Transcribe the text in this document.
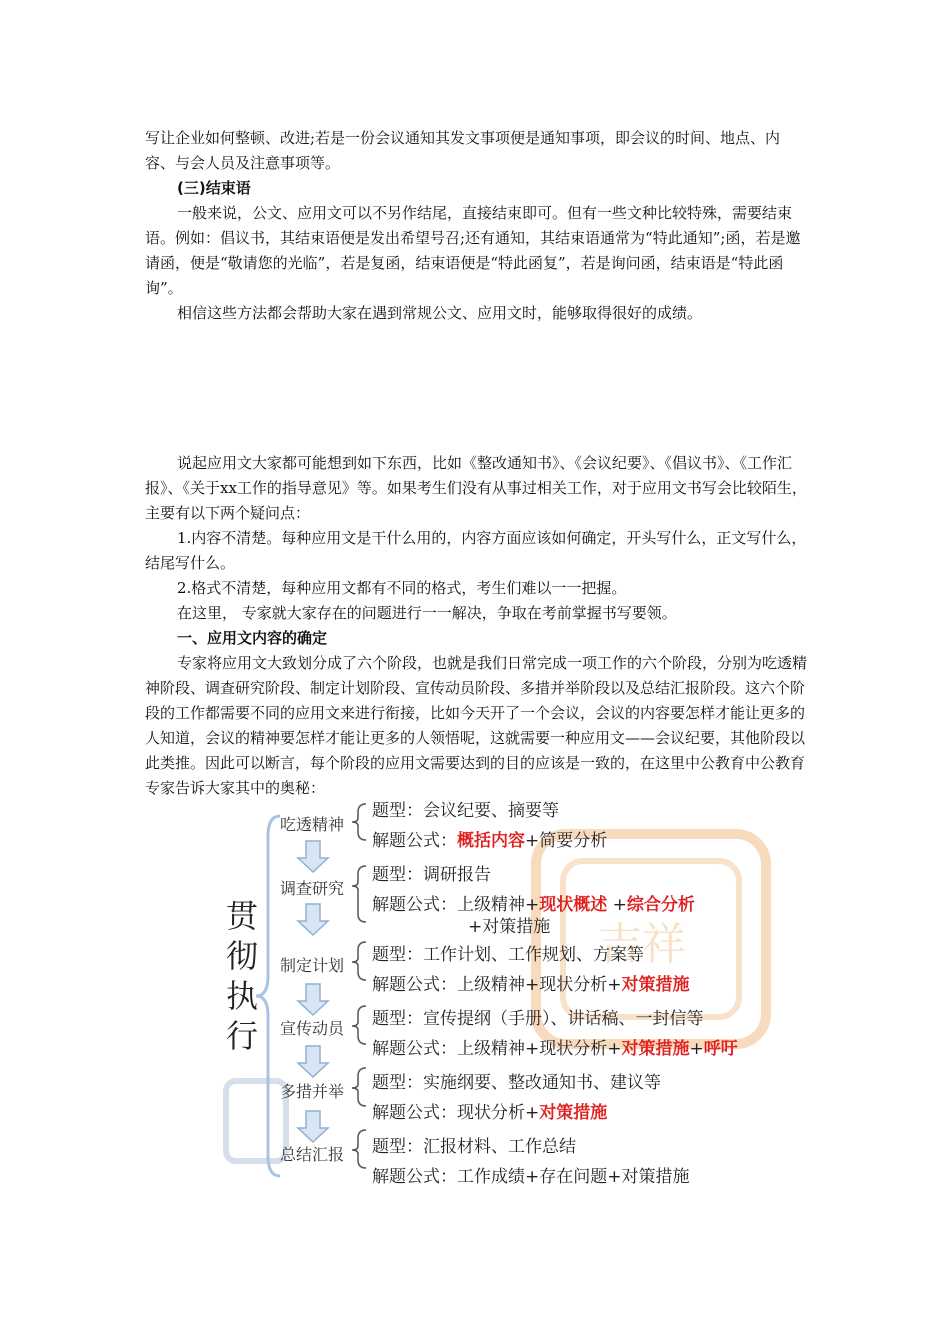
写让企业如何整顿、改进;若是一份会议通知其发文事项便是通知事项，即会议的时间、地点、内容、与会人员及注意事项等。
(三)结束语
一般来说，公文、应用文可以不另作结尾，直接结束即可。但有一些文种比较特殊，需要结束语。例如：倡议书，其结束语便是发出希望号召;还有通知，其结束语通常为“特此通知”;函，若是邀请函，便是“敬请您的光临”，若是复函，结束语便是“特此函复”，若是询问函，结束语是“特此函询”。
相信这些方法都会帮助大家在遇到常规公文、应用文时，能够取得很好的成绩。
说起应用文大家都可能想到如下东西，比如《整改通知书》、《会议纪要》、《倡议书》、《工作汇报》、《关于xx工作的指导意见》等。如果考生们没有从事过相关工作，对于应用文书写会比较陌生，主要有以下两个疑问点：
1.内容不清楚。每种应用文是干什么用的，内容方面应该如何确定，开头写什么，正文写什么，结尾写什么。
2.格式不清楚，每种应用文都有不同的格式，考生们难以一一把握。
在这里， 专家就大家存在的问题进行一一解决，争取在考前掌握书写要领。
一、应用文内容的确定
专家将应用文大致划分成了六个阶段，也就是我们日常完成一项工作的六个阶段，分别为吃透精神阶段、调查研究阶段、制定计划阶段、宣传动员阶段、多措并举阶段以及总结汇报阶段。这六个阶段的工作都需要不同的应用文来进行衔接，比如今天开了一个会议，会议的内容要怎样才能让更多的人知道，会议的精神要怎样才能让更多的人领悟呢，这就需要一种应用文——会议纪要，其他阶段以此类推。因此可以断言，每个阶段的应用文需要达到的目的应该是一致的，在这里中公教育中公教育专家告诉大家其中的奥秘：
贯彻执行
吉祥
吃透精神
调查研究
制定计划
宣传动员
多措并举
总结汇报
题型：会议纪要、摘要等
解题公式：概括内容+简要分析
题型：调研报告
解题公式：上级精神+现状概述 +综合分析
+对策措施
题型：工作计划、工作规划、方案等
解题公式：上级精神+现状分析+对策措施
题型：宣传提纲（手册）、讲话稿、一封信等
解题公式：上级精神+现状分析+对策措施+呼吁
题型：实施纲要、整改通知书、建议等
解题公式：现状分析+对策措施
题型：汇报材料、工作总结
解题公式：工作成绩+存在问题+对策措施
